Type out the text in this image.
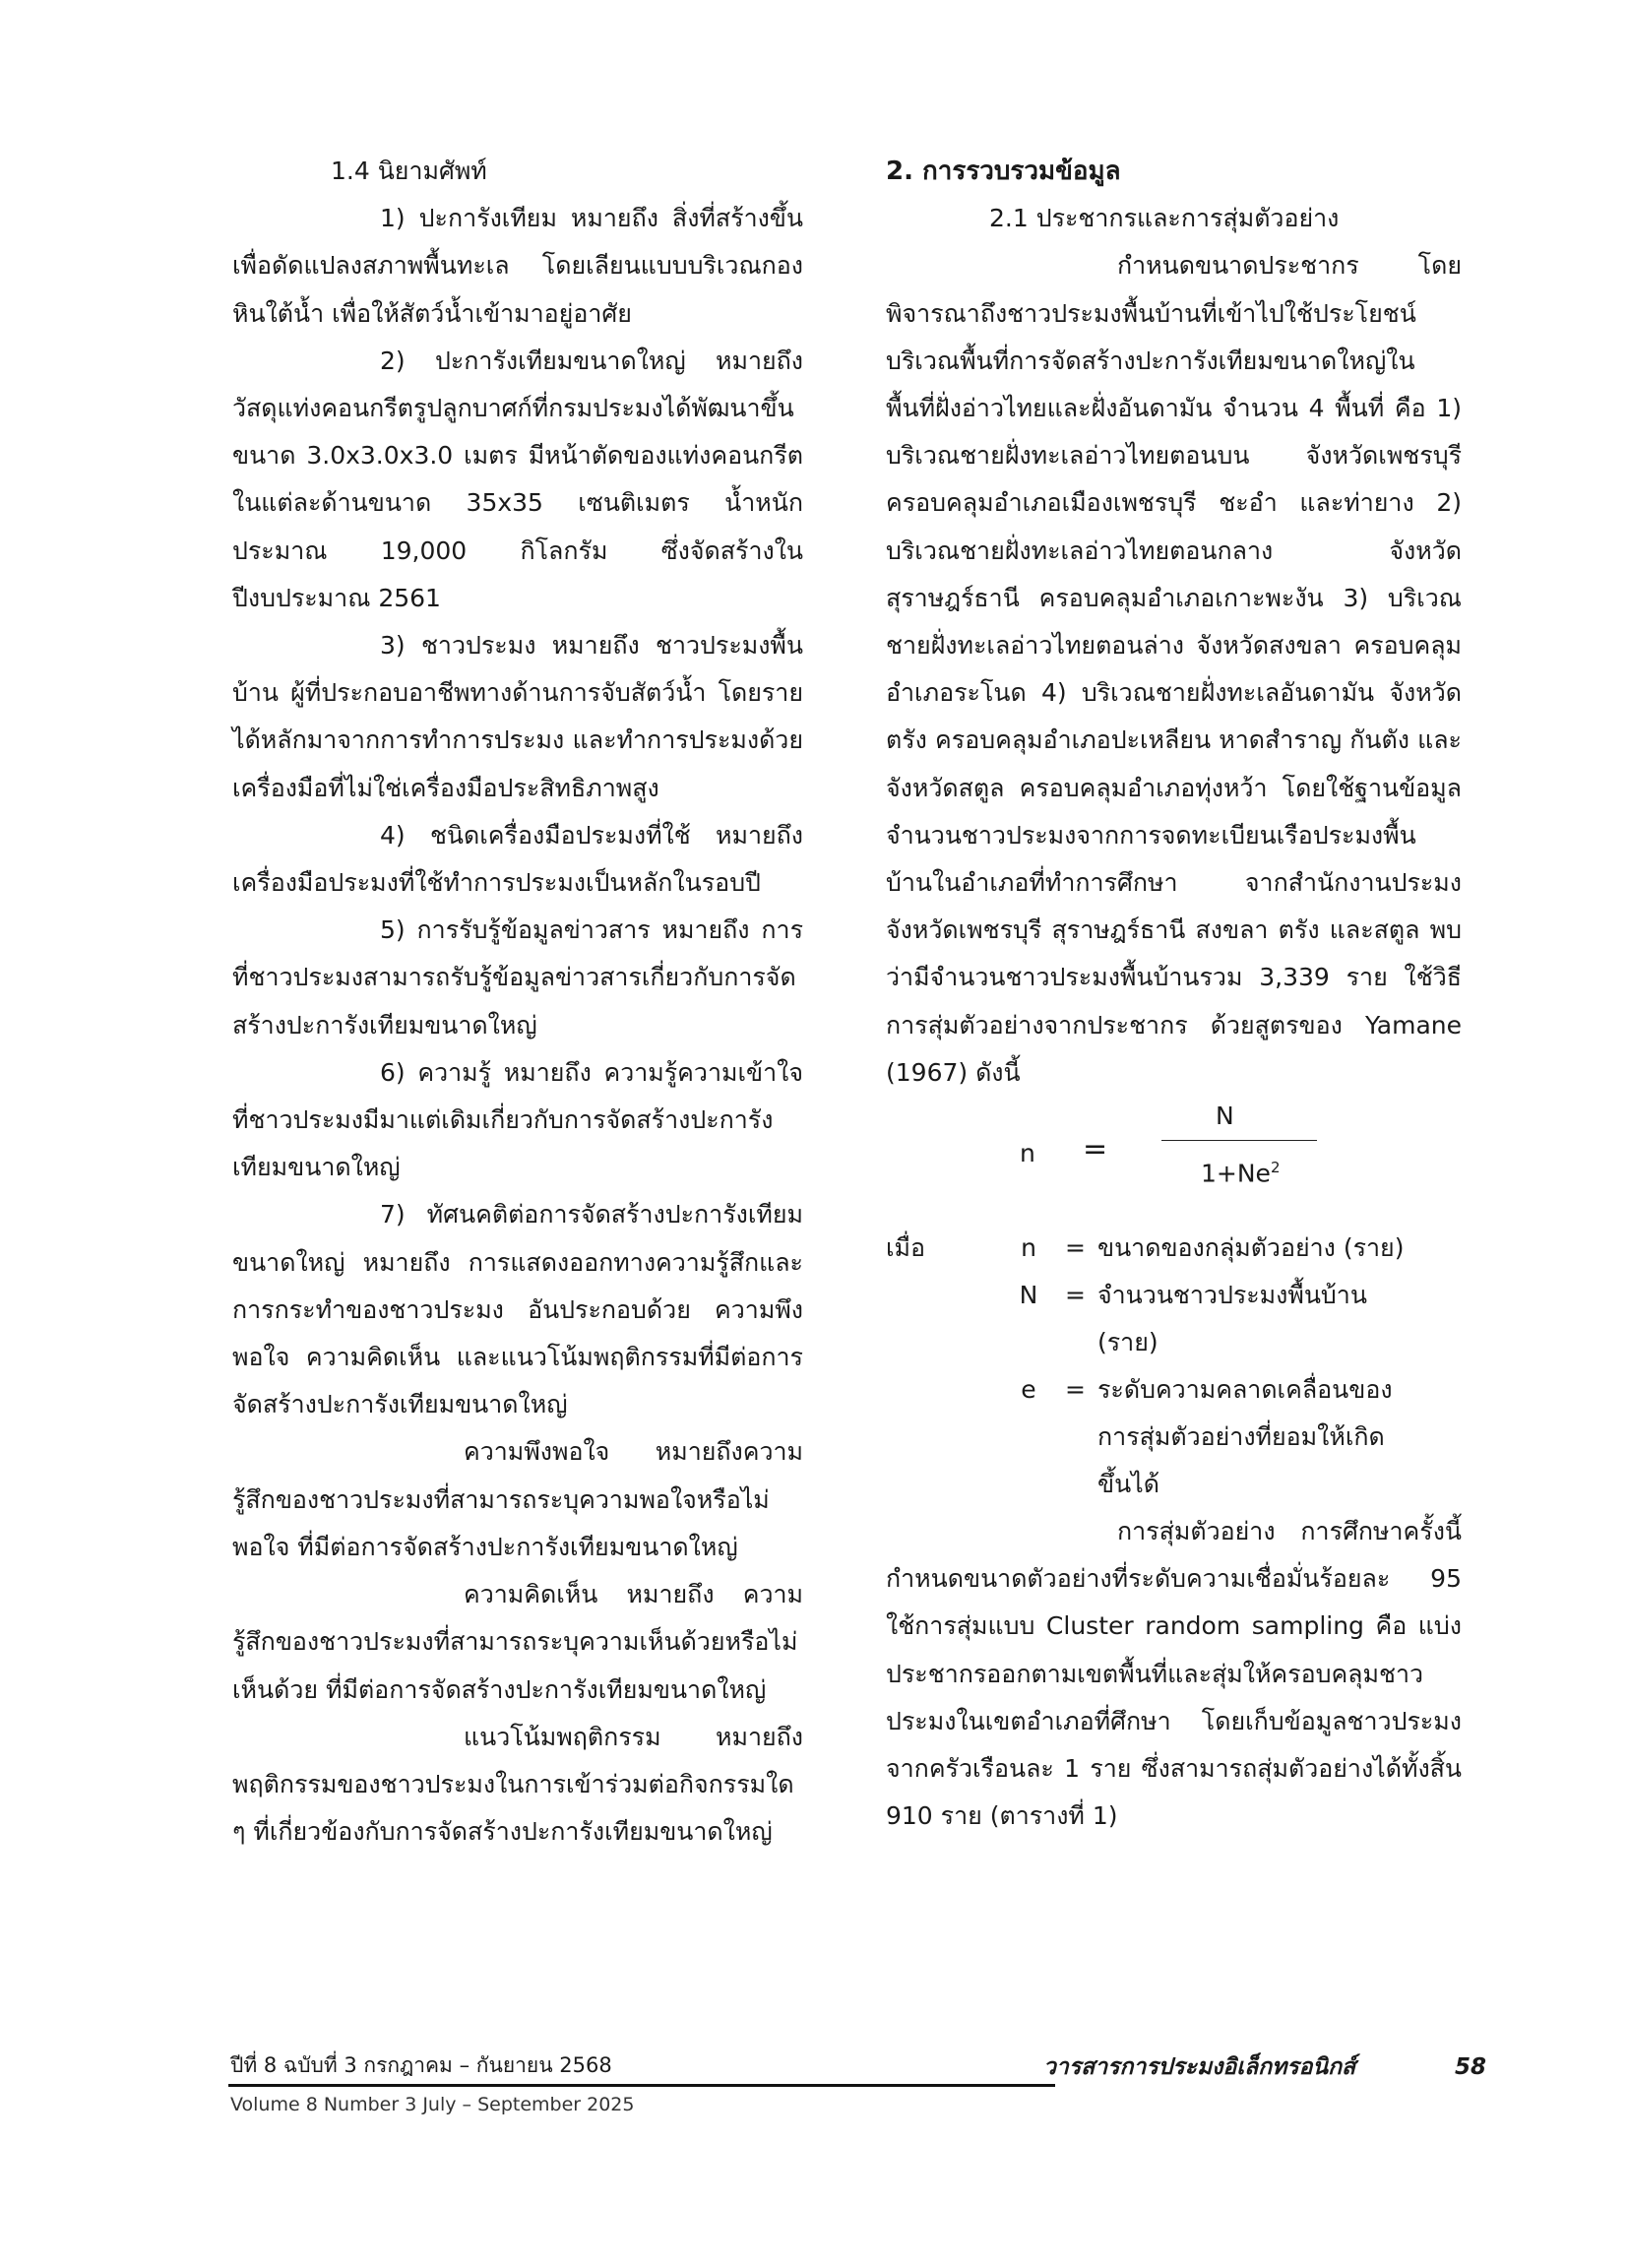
1.4 นิยามศัพท์
1) ปะการังเทียม หมายถึง สิ่งที่สร้างขึ้นเพื่อดัดแปลงสภาพพื้นทะเล โดยเลียนแบบบริเวณกองหินใต้น้ำ เพื่อให้สัตว์น้ำเข้ามาอยู่อาศัย
2) ปะการังเทียมขนาดใหญ่ หมายถึง วัสดุแท่งคอนกรีตรูปลูกบาศก์ที่กรมประมงได้พัฒนาขึ้น ขนาด 3.0x3.0x3.0 เมตร มีหน้าตัดของแท่งคอนกรีตในแต่ละด้านขนาด 35x35 เซนติเมตร น้ำหนักประมาณ 19,000 กิโลกรัม ซึ่งจัดสร้างในปีงบประมาณ 2561
3) ชาวประมง หมายถึง ชาวประมงพื้นบ้าน ผู้ที่ประกอบอาชีพทางด้านการจับสัตว์น้ำ โดยรายได้หลักมาจากการทำการประมง และทำการประมงด้วยเครื่องมือที่ไม่ใช่เครื่องมือประสิทธิภาพสูง
4) ชนิดเครื่องมือประมงที่ใช้ หมายถึง เครื่องมือประมงที่ใช้ทำการประมงเป็นหลักในรอบปี
5) การรับรู้ข้อมูลข่าวสาร หมายถึง การที่ชาวประมงสามารถรับรู้ข้อมูลข่าวสารเกี่ยวกับการจัดสร้างปะการังเทียมขนาดใหญ่
6) ความรู้ หมายถึง ความรู้ความเข้าใจที่ชาวประมงมีมาแต่เดิมเกี่ยวกับการจัดสร้างปะการังเทียมขนาดใหญ่
7) ทัศนคติต่อการจัดสร้างปะการังเทียมขนาดใหญ่ หมายถึง การแสดงออกทางความรู้สึกและการกระทำของชาวประมง อันประกอบด้วย ความพึงพอใจ ความคิดเห็น และแนวโน้มพฤติกรรมที่มีต่อการจัดสร้างปะการังเทียมขนาดใหญ่
ความพึงพอใจ หมายถึงความรู้สึกของชาวประมงที่สามารถระบุความพอใจหรือไม่พอใจ ที่มีต่อการจัดสร้างปะการังเทียมขนาดใหญ่
ความคิดเห็น หมายถึง ความรู้สึกของชาวประมงที่สามารถระบุความเห็นด้วยหรือไม่เห็นด้วย ที่มีต่อการจัดสร้างปะการังเทียมขนาดใหญ่
แนวโน้มพฤติกรรม หมายถึง พฤติกรรมของชาวประมงในการเข้าร่วมต่อกิจกรรมใด ๆ ที่เกี่ยวข้องกับการจัดสร้างปะการังเทียมขนาดใหญ่
2. การรวบรวมข้อมูล
2.1 ประชากรและการสุ่มตัวอย่าง
กำหนดขนาดประชากร โดยพิจารณาถึงชาวประมงพื้นบ้านที่เข้าไปใช้ประโยชน์บริเวณพื้นที่การจัดสร้างปะการังเทียมขนาดใหญ่ในพื้นที่ฝั่งอ่าวไทยและฝั่งอันดามัน จำนวน 4 พื้นที่ คือ 1) บริเวณชายฝั่งทะเลอ่าวไทยตอนบน จังหวัดเพชรบุรี ครอบคลุมอำเภอเมืองเพชรบุรี ชะอำ และท่ายาง 2) บริเวณชายฝั่งทะเลอ่าวไทยตอนกลาง จังหวัดสุราษฎร์ธานี ครอบคลุมอำเภอเกาะพะงัน 3) บริเวณชายฝั่งทะเลอ่าวไทยตอนล่าง จังหวัดสงขลา ครอบคลุมอำเภอระโนด 4) บริเวณชายฝั่งทะเลอันดามัน จังหวัดตรัง ครอบคลุมอำเภอปะเหลียน หาดสำราญ กันตัง และจังหวัดสตูล ครอบคลุมอำเภอทุ่งหว้า โดยใช้ฐานข้อมูลจำนวนชาวประมงจากการจดทะเบียนเรือประมงพื้นบ้านในอำเภอที่ทำการศึกษา จากสำนักงานประมงจังหวัดเพชรบุรี สุราษฎร์ธานี สงขลา ตรัง และสตูล พบว่ามีจำนวนชาวประมงพื้นบ้านรวม 3,339 ราย ใช้วิธีการสุ่มตัวอย่างจากประชากร ด้วยสูตรของ Yamane (1967) ดังนี้
n =
N
$1+Ne^2$
เมื่อ	n	= ขนาดของกลุ่มตัวอย่าง (ราย)
N	= จำนวนชาวประมงพื้นบ้าน (ราย)
e	= ระดับความคลาดเคลื่อนของการสุ่มตัวอย่างที่ยอมให้เกิดขึ้นได้
การสุ่มตัวอย่าง การศึกษาครั้งนี้กำหนดขนาดตัวอย่างที่ระดับความเชื่อมั่นร้อยละ 95 ใช้การสุ่มแบบ Cluster random sampling คือ แบ่งประชากรออกตามเขตพื้นที่และสุ่มให้ครอบคลุมชาวประมงในเขตอำเภอที่ศึกษา โดยเก็บข้อมูลชาวประมงจากครัวเรือนละ 1 ราย ซึ่งสามารถสุ่มตัวอย่างได้ทั้งสิ้น 910 ราย (ตารางที่ 1)
ปีที่ 8 ฉบับที่ 3 กรกฎาคม – กันยายน 2568
Volume 8 Number 3 July – September 2025
วารสารการประมงอิเล็กทรอนิกส์	58
